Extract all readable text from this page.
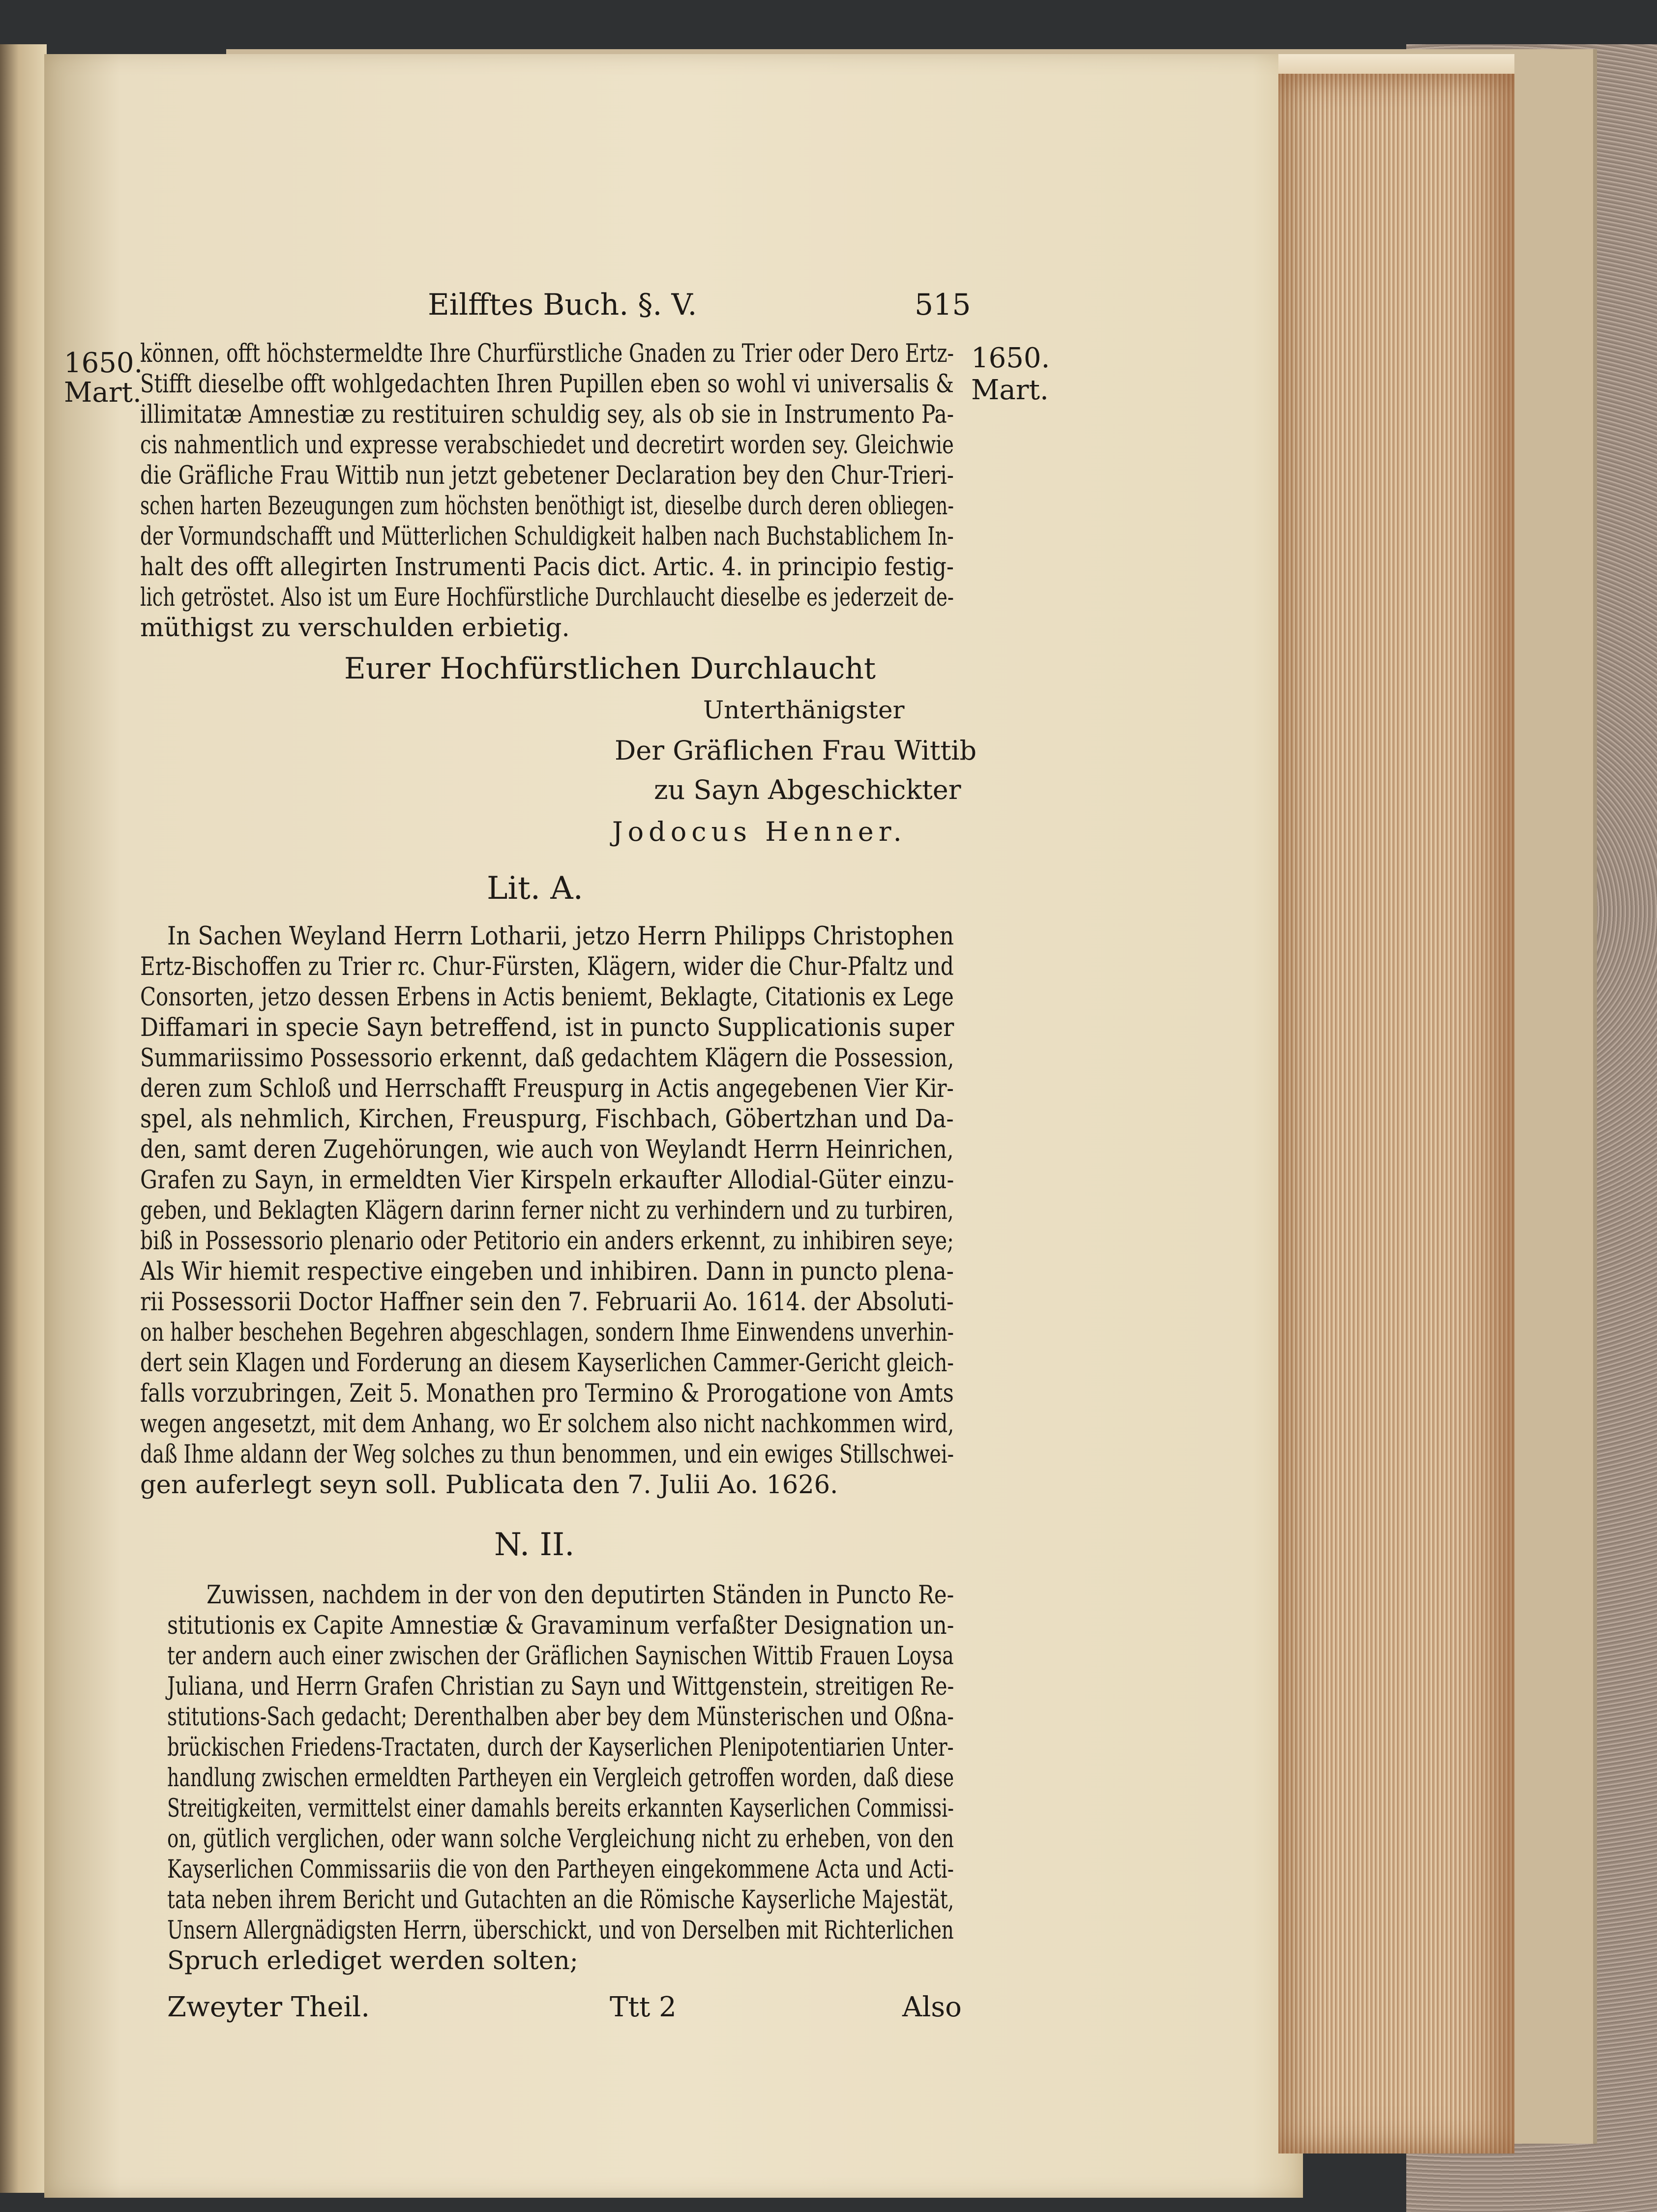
Eilfftes Buch. §. V.	515
1650.
Mart.
1650.
Mart.
können, offt höchstermeldte Ihre Churfürstliche Gnaden zu Trier oder Dero Ertz-
Stifft dieselbe offt wohlgedachten Ihren Pupillen eben so wohl vi universalis &
illimitatæ Amnestiæ zu restituiren schuldig sey, als ob sie in Instrumento Pa-
cis nahmentlich und expresse verabschiedet und decretirt worden sey. Gleichwie
die Gräfliche Frau Wittib nun jetzt gebetener Declaration bey den Chur-Trieri-
schen harten Bezeugungen zum höchsten benöthigt ist, dieselbe durch deren obliegen-
der Vormundschafft und Mütterlichen Schuldigkeit halben nach Buchstablichem In-
halt des offt allegirten Instrumenti Pacis dict. Artic. 4. in principio festig-
lich getröstet. Also ist um Eure Hochfürstliche Durchlaucht dieselbe es jederzeit de-
müthigst zu verschulden erbietig.
Eurer Hochfürstlichen Durchlaucht
Unterthänigster
Der Gräflichen Frau Wittib
zu Sayn Abgeschickter
Jodocus Henner.
Lit. A.
In Sachen Weyland Herrn Lotharii, jetzo Herrn Philipps Christophen
Ertz-Bischoffen zu Trier rc. Chur-Fürsten, Klägern, wider die Chur-Pfaltz und
Consorten, jetzo dessen Erbens in Actis beniemt, Beklagte, Citationis ex Lege
Diffamari in specie Sayn betreffend, ist in puncto Supplicationis super
Summariissimo Possessorio erkennt, daß gedachtem Klägern die Possession,
deren zum Schloß und Herrschafft Freuspurg in Actis angegebenen Vier Kir-
spel, als nehmlich, Kirchen, Freuspurg, Fischbach, Göbertzhan und Da-
den, samt deren Zugehörungen, wie auch von Weylandt Herrn Heinrichen,
Grafen zu Sayn, in ermeldten Vier Kirspeln erkaufter Allodial-Güter einzu-
geben, und Beklagten Klägern darinn ferner nicht zu verhindern und zu turbiren,
biß in Possessorio plenario oder Petitorio ein anders erkennt, zu inhibiren seye;
Als Wir hiemit respective eingeben und inhibiren. Dann in puncto plena-
rii Possessorii Doctor Haffner sein den 7. Februarii Ao. 1614. der Absoluti-
on halber beschehen Begehren abgeschlagen, sondern Ihme Einwendens unverhin-
dert sein Klagen und Forderung an diesem Kayserlichen Cammer-Gericht gleich-
falls vorzubringen, Zeit 5. Monathen pro Termino & Prorogatione von Amts
wegen angesetzt, mit dem Anhang, wo Er solchem also nicht nachkommen wird,
daß Ihme aldann der Weg solches zu thun benommen, und ein ewiges Stillschwei-
gen auferlegt seyn soll. Publicata den 7. Julii Ao. 1626.
N. II.
Zuwissen, nachdem in der von den deputirten Ständen in Puncto Re-
stitutionis ex Capite Amnestiæ & Gravaminum verfaßter Designation un-
ter andern auch einer zwischen der Gräflichen Saynischen Wittib Frauen Loysa
Juliana, und Herrn Grafen Christian zu Sayn und Wittgenstein, streitigen Re-
stitutions-Sach gedacht; Derenthalben aber bey dem Münsterischen und Oßna-
brückischen Friedens-Tractaten, durch der Kayserlichen Plenipotentiarien Unter-
handlung zwischen ermeldten Partheyen ein Vergleich getroffen worden, daß diese
Streitigkeiten, vermittelst einer damahls bereits erkannten Kayserlichen Commissi-
on, gütlich verglichen, oder wann solche Vergleichung nicht zu erheben, von den
Kayserlichen Commissariis die von den Partheyen eingekommene Acta und Acti-
tata neben ihrem Bericht und Gutachten an die Römische Kayserliche Majestät,
Unsern Allergnädigsten Herrn, überschickt, und von Derselben mit Richterlichen
Spruch erlediget werden solten;
Zweyter Theil.	Ttt 2	Also
